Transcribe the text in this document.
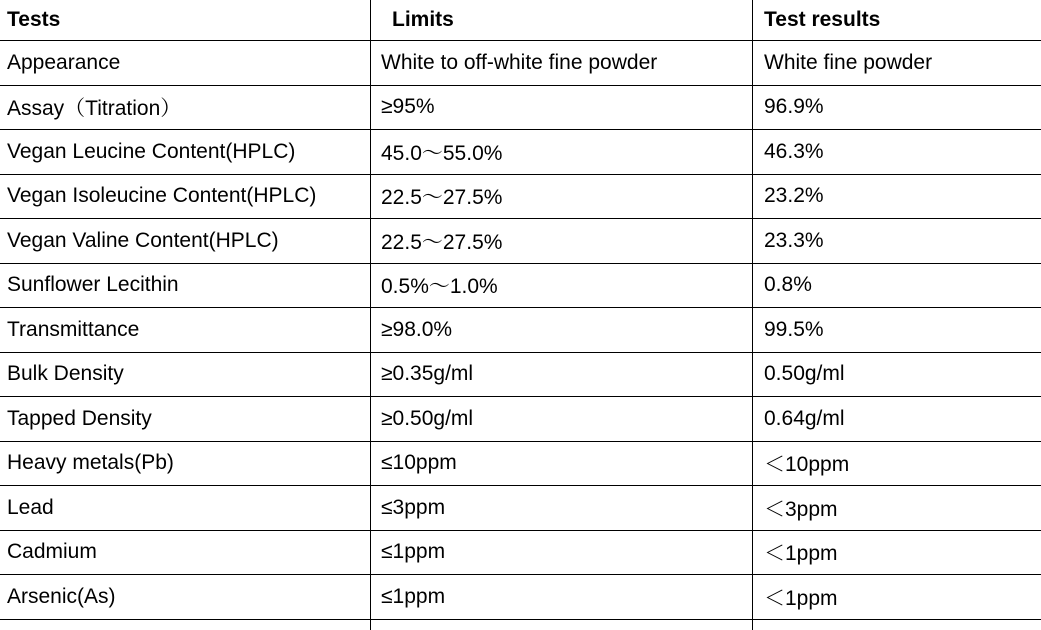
Tests	Limits	Test results
Appearance	White to off-white fine powder	White fine powder
Assay（Titration）	≥95%	96.9%
Vegan Leucine Content(HPLC)	45.0～55.0%	46.3%
Vegan Isoleucine Content(HPLC)	22.5～27.5%	23.2%
Vegan Valine Content(HPLC)	22.5～27.5%	23.3%
Sunflower Lecithin	0.5%～1.0%	0.8%
Transmittance	≥98.0%	99.5%
Bulk Density	≥0.35g/ml	0.50g/ml
Tapped Density	≥0.50g/ml	0.64g/ml
Heavy metals(Pb)	≤10ppm	＜10ppm
Lead	≤3ppm	＜3ppm
Cadmium	≤1ppm	＜1ppm
Arsenic(As)	≤1ppm	＜1ppm
